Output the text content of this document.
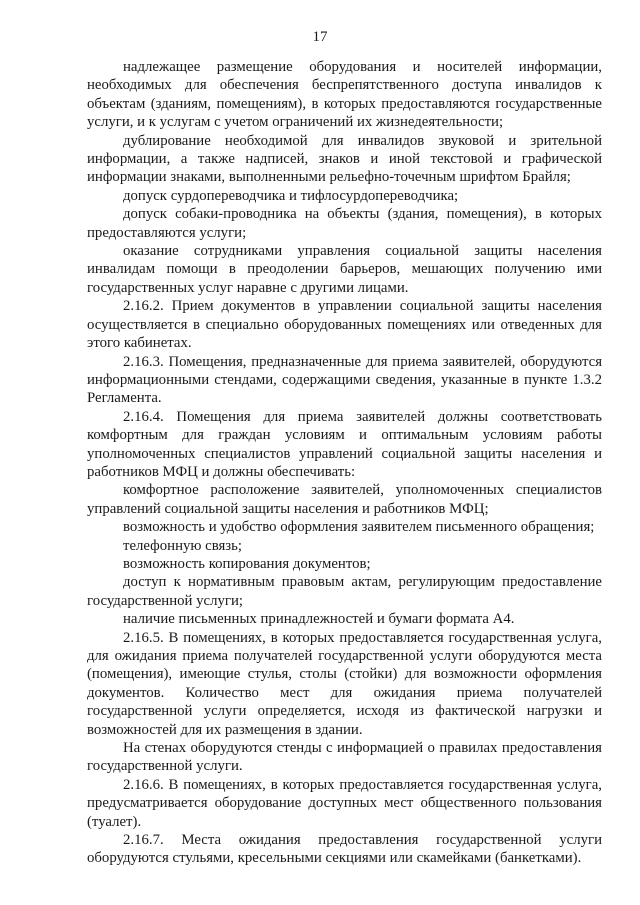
17

надлежащее размещение оборудования и носителей информации, необходимых для обеспечения беспрепятственного доступа инвалидов к объектам (зданиям, помещениям), в которых предоставляются государственные услуги, и к услугам с учетом ограничений их жизнедеятельности;

дублирование необходимой для инвалидов звуковой и зрительной информации, а также надписей, знаков и иной текстовой и графической информации знаками, выполненными рельефно-точечным шрифтом Брайля;

допуск сурдопереводчика и тифлосурдопереводчика;

допуск собаки-проводника на объекты (здания, помещения), в которых предоставляются услуги;

оказание сотрудниками управления социальной защиты населения инвалидам помощи в преодолении барьеров, мешающих получению ими государственных услуг наравне с другими лицами.

2.16.2. Прием документов в управлении социальной защиты населения осуществляется в специально оборудованных помещениях или отведенных для этого кабинетах.

2.16.3. Помещения, предназначенные для приема заявителей, оборудуются информационными стендами, содержащими сведения, указанные в пункте 1.3.2 Регламента.

2.16.4. Помещения для приема заявителей должны соответствовать комфортным для граждан условиям и оптимальным условиям работы уполномоченных специалистов управлений социальной защиты населения и работников МФЦ и должны обеспечивать:

комфортное расположение заявителей, уполномоченных специалистов управлений социальной защиты населения и работников МФЦ;

возможность и удобство оформления заявителем письменного обращения;

телефонную связь;

возможность копирования документов;

доступ к нормативным правовым актам, регулирующим предоставление государственной услуги;

наличие письменных принадлежностей и бумаги формата А4.

2.16.5. В помещениях, в которых предоставляется государственная услуга, для ожидания приема получателей государственной услуги оборудуются места (помещения), имеющие стулья, столы (стойки) для возможности оформления документов. Количество мест для ожидания приема получателей государственной услуги определяется, исходя из фактической нагрузки и возможностей для их размещения в здании.

На стенах оборудуются стенды с информацией о правилах предоставления государственной услуги.

2.16.6. В помещениях, в которых предоставляется государственная услуга, предусматривается оборудование доступных мест общественного пользования (туалет).

2.16.7. Места ожидания предоставления государственной услуги оборудуются стульями, кресельными секциями или скамейками (банкетками).
